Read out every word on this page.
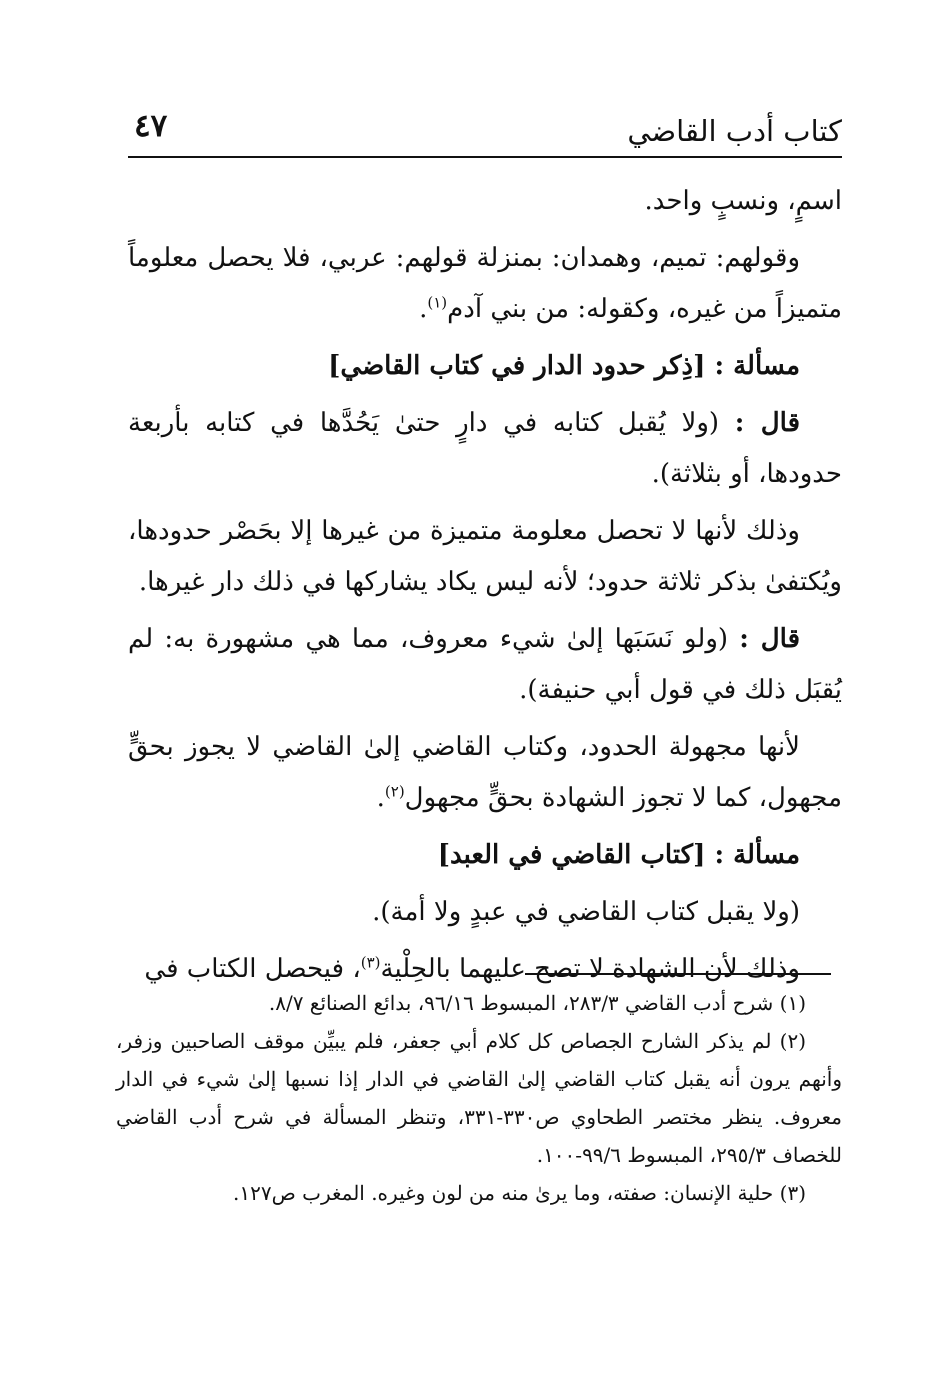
كتاب أدب القاضي
٤٧

اسمٍ، ونسبٍ واحد.

وقولهم: تميم، وهمدان: بمنزلة قولهم: عربي، فلا يحصل معلوماً متميزاً من غيره، وكقوله: من بني آدم$^{(١)}$.

مسألة : [ذِكر حدود الدار في كتاب القاضي]

قال : (ولا يُقبل كتابه في دارٍ حتىٰ يَحُدَّها في كتابه بأربعة حدودها، أو بثلاثة).

وذلك لأنها لا تحصل معلومة متميزة من غيرها إلا بحَصْر حدودها، ويُكتفىٰ بذكر ثلاثة حدود؛ لأنه ليس يكاد يشاركها في ذلك دار غيرها.

قال : (ولو نَسَبَها إلىٰ شيء معروف، مما هي مشهورة به: لم يُقبَل ذلك في قول أبي حنيفة).

لأنها مجهولة الحدود، وكتاب القاضي إلىٰ القاضي لا يجوز بحقٍّ مجهول، كما لا تجوز الشهادة بحقٍّ مجهول$^{(٢)}$.

مسألة : [كتاب القاضي في العبد]

(ولا يقبل كتاب القاضي في عبدٍ ولا أمة).

وذلك لأن الشهادة لا تصح عليهما بالحِلْية$^{(٣)}$، فيحصل الكتاب في

(١) شرح أدب القاضي ٢٨٣/٣، المبسوط ٩٦/١٦، بدائع الصنائع ٨/٧.

(٢) لم يذكر الشارح الجصاص كل كلام أبي جعفر، فلم يبيِّن موقف الصاحبين وزفر، وأنهم يرون أنه يقبل كتاب القاضي إلىٰ القاضي في الدار إذا نسبها إلىٰ شيء في الدار معروف. ينظر مختصر الطحاوي ص٣٣٠-٣٣١، وتنظر المسألة في شرح أدب القاضي للخصاف ٢٩٥/٣، المبسوط ٩٩/٦-١٠٠.

(٣) حلية الإنسان: صفته، وما يرىٰ منه من لون وغيره. المغرب ص١٢٧.
